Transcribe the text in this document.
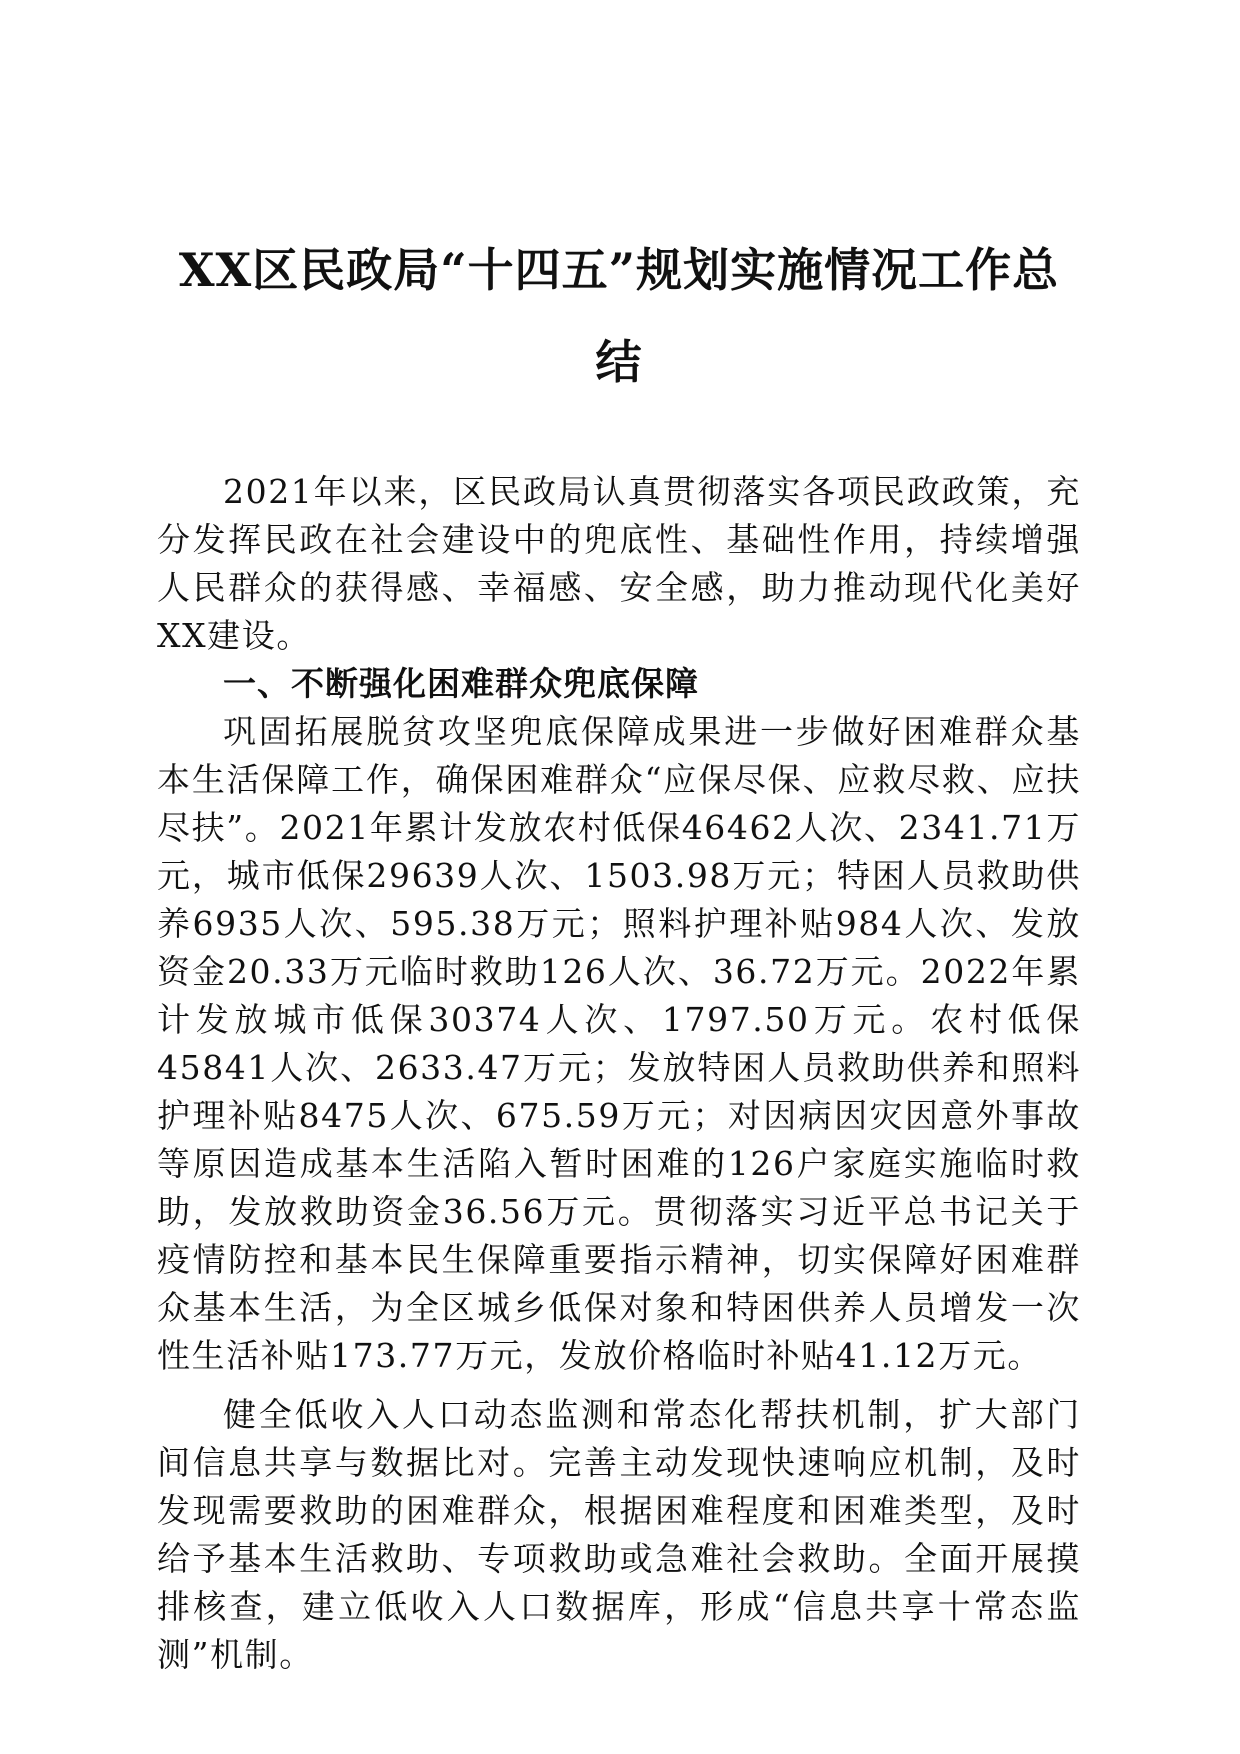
XX区民政局“十四五”规划实施情况工作总结

2021年以来，区民政局认真贯彻落实各项民政政策，充分发挥民政在社会建设中的兜底性、基础性作用，持续增强人民群众的获得感、幸福感、安全感，助力推动现代化美好XX建设。

一、不断强化困难群众兜底保障

巩固拓展脱贫攻坚兜底保障成果进一步做好困难群众基本生活保障工作，确保困难群众“应保尽保、应救尽救、应扶尽扶”。2021年累计发放农村低保46462人次、2341.71万元，城市低保29639人次、1503.98万元；特困人员救助供养6935人次、595.38万元；照料护理补贴984人次、发放资金20.33万元临时救助126人次、36.72万元。2022年累计发放城市低保30374人次、1797.50万元。农村低保45841人次、2633.47万元；发放特困人员救助供养和照料护理补贴8475人次、675.59万元；对因病因灾因意外事故等原因造成基本生活陷入暂时困难的126户家庭实施临时救助，发放救助资金36.56万元。贯彻落实习近平总书记关于疫情防控和基本民生保障重要指示精神，切实保障好困难群众基本生活，为全区城乡低保对象和特困供养人员增发一次性生活补贴173.77万元，发放价格临时补贴41.12万元。

健全低收入人口动态监测和常态化帮扶机制，扩大部门间信息共享与数据比对。完善主动发现快速响应机制，及时发现需要救助的困难群众，根据困难程度和困难类型，及时给予基本生活救助、专项救助或急难社会救助。全面开展摸排核查，建立低收入人口数据库，形成“信息共享十常态监测”机制。
